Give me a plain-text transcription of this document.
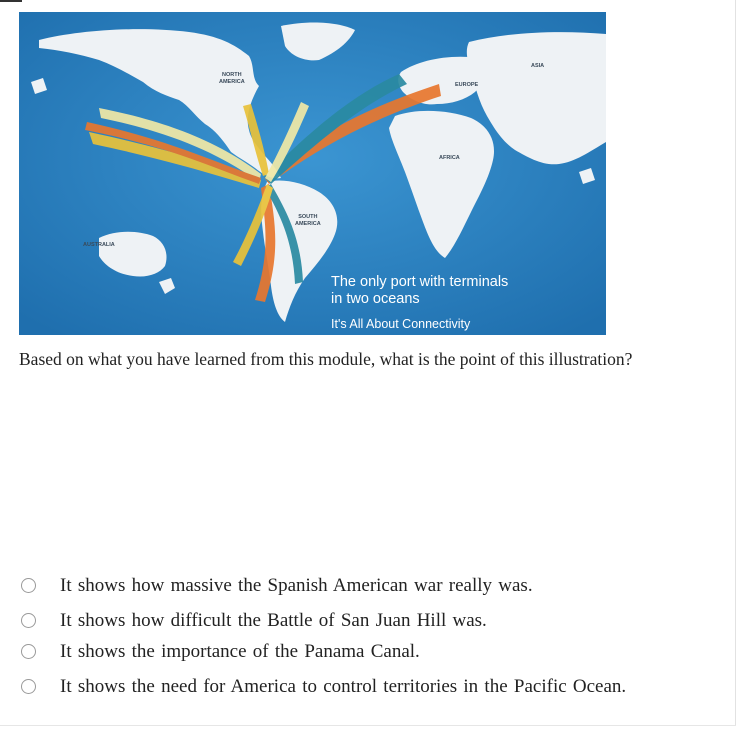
NORTH
AMERICA
SOUTH
AMERICA
EUROPE
AFRICA
ASIA
AUSTRALIA
The only port with terminals
in two oceans
It's All About Connectivity
Based on what you have learned from this module, what is the point of this illustration?
It shows how massive the Spanish American war really was.
It shows how difficult the Battle of San Juan Hill was.
It shows the importance of the Panama Canal.
It shows the need for America to control territories in the Pacific Ocean.
